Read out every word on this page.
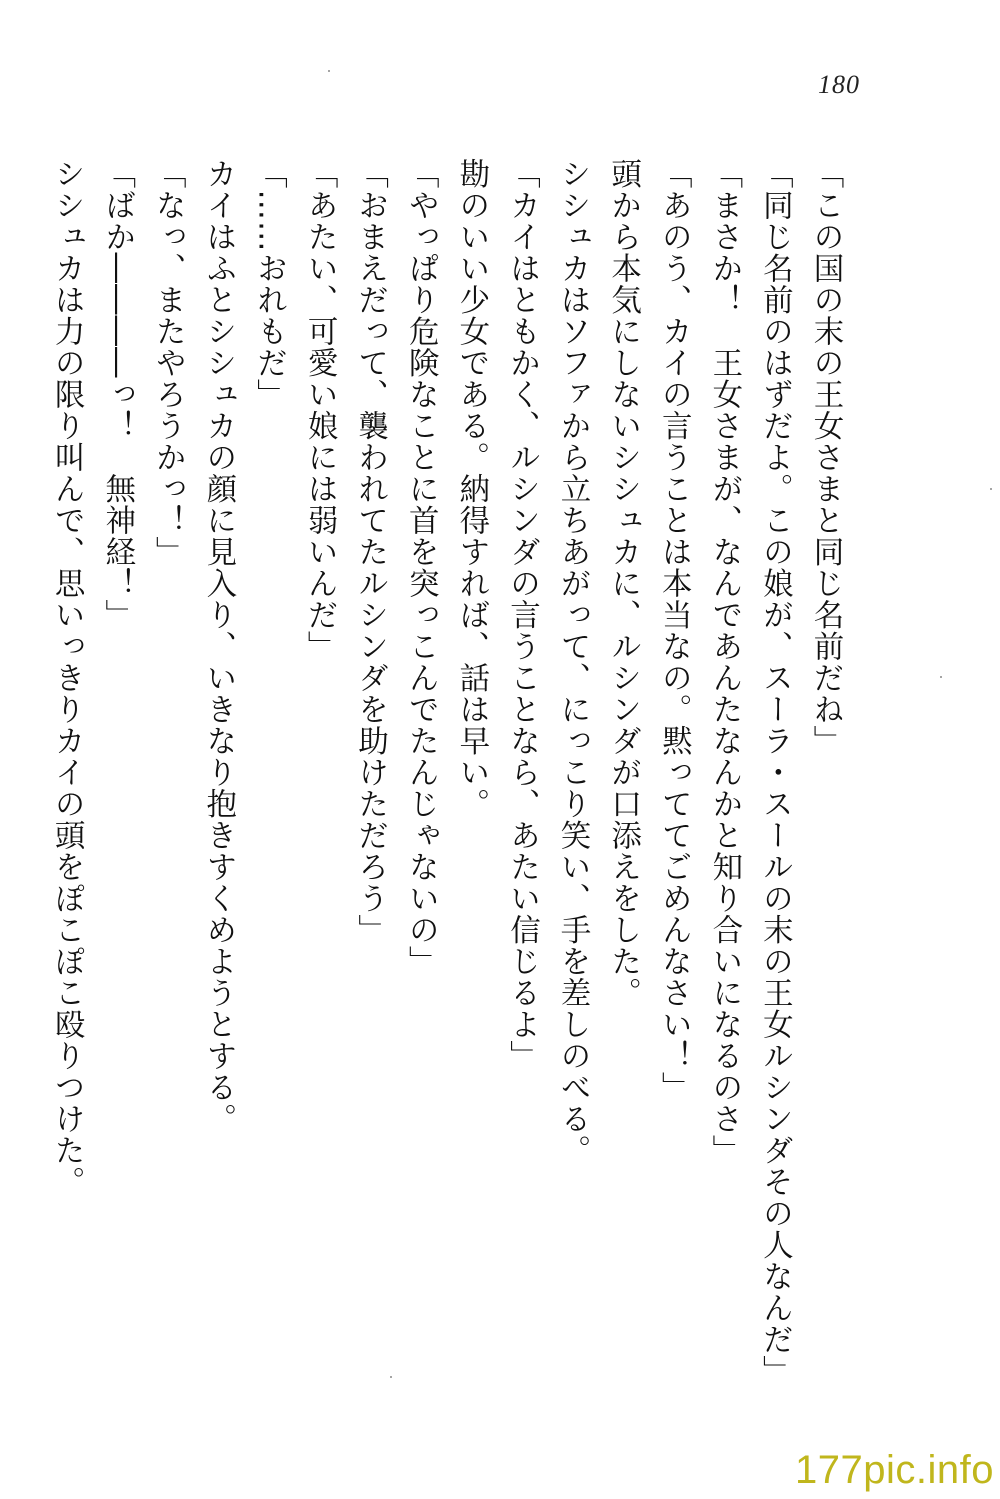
180

「この国の末の王女さまと同じ名前だね」

「同じ名前のはずだよ。この娘が、スーラ・スールの末の王女ルシンダその人なんだ」

「まさか！　王女さまが、なんであんたなんかと知り合いになるのさ」

「あのう、カイの言うことは本当なの。黙っててごめんなさい！」

頭から本気にしないシシュカに、ルシンダが口添えをした。

シシュカはソファから立ちあがって、にっこり笑い、手を差しのべる。

「カイはともかく、ルシンダの言うことなら、あたい信じるよ」

勘のいい少女である。納得すれば、話は早い。

「やっぱり危険なことに首を突っこんでたんじゃないの」

「おまえだって、襲われてたルシンダを助けただろう」

「あたい、可愛い娘には弱いんだ」

「……おれもだ」

カイはふとシシュカの顔に見入り、いきなり抱きすくめようとする。

「なっ、またやろうかっ！」

「ばか――――っ！　無神経！」

シシュカは力の限り叫んで、思いっきりカイの頭をぽこぽこ殴りつけた。

177pic.info
